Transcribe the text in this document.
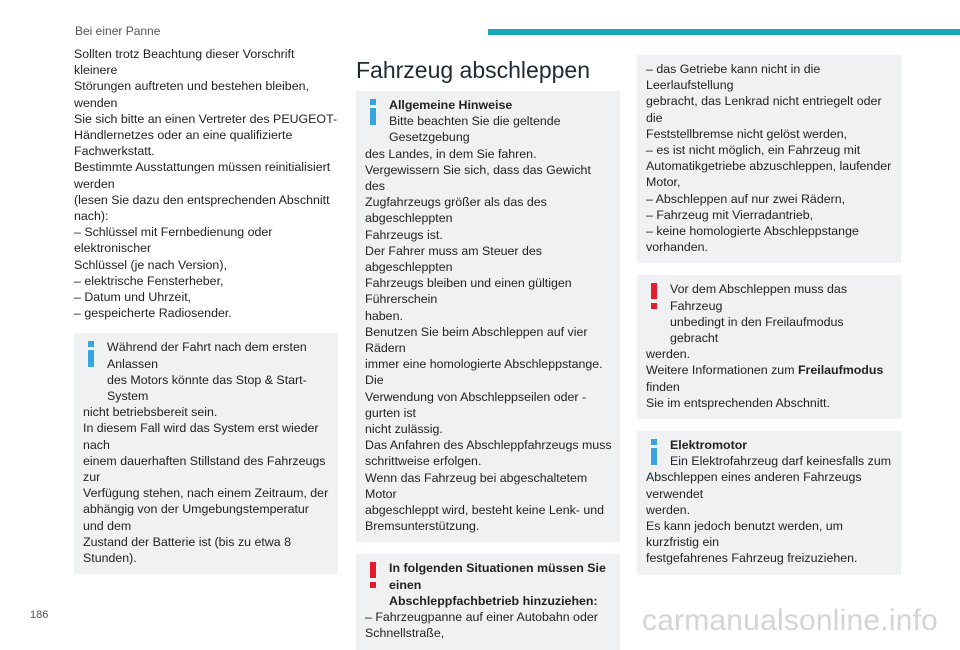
Bei einer Panne

Sollten trotz Beachtung dieser Vorschrift kleinere

Störungen auftreten und bestehen bleiben, wenden

Sie sich bitte an einen Vertreter des PEUGEOT-

Händlernetzes oder an eine qualifizierte Fachwerkstatt.

Bestimmte Ausstattungen müssen reinitialisiert werden

(lesen Sie dazu den entsprechenden Abschnitt nach):

– Schlüssel mit Fernbedienung oder elektronischer

Schlüssel (je nach Version),

– elektrische Fensterheber,

– Datum und Uhrzeit,

– gespeicherte Radiosender.

Während der Fahrt nach dem ersten Anlassen

des Motors könnte das Stop & Start-System

nicht betriebsbereit sein.

In diesem Fall wird das System erst wieder nach

einem dauerhaften Stillstand des Fahrzeugs zur

Verfügung stehen, nach einem Zeitraum, der

abhängig von der Umgebungstemperatur und dem

Zustand der Batterie ist (bis zu etwa 8 Stunden).

Fahrzeug abschleppen

Allgemeine Hinweise

Bitte beachten Sie die geltende Gesetzgebung

des Landes, in dem Sie fahren.

Vergewissern Sie sich, dass das Gewicht des

Zugfahrzeugs größer als das des abgeschleppten

Fahrzeugs ist.

Der Fahrer muss am Steuer des abgeschleppten

Fahrzeugs bleiben und einen gültigen Führerschein

haben.

Benutzen Sie beim Abschleppen auf vier Rädern

immer eine homologierte Abschleppstange. Die

Verwendung von Abschleppseilen oder -gurten ist

nicht zulässig.

Das Anfahren des Abschleppfahrzeugs muss

schrittweise erfolgen.

Wenn das Fahrzeug bei abgeschaltetem Motor

abgeschleppt wird, besteht keine Lenk- und

Bremsunterstützung.

In folgenden Situationen müssen Sie einen

Abschleppfachbetrieb hinzuziehen:

– Fahrzeugpanne auf einer Autobahn oder

Schnellstraße,

– das Getriebe kann nicht in die Leerlaufstellung

gebracht, das Lenkrad nicht entriegelt oder die

Feststellbremse nicht gelöst werden,

– es ist nicht möglich, ein Fahrzeug mit

Automatikgetriebe abzuschleppen, laufender Motor,

– Abschleppen auf nur zwei Rädern,

– Fahrzeug mit Vierradantrieb,

– keine homologierte Abschleppstange vorhanden.

Vor dem Abschleppen muss das Fahrzeug

unbedingt in den Freilaufmodus gebracht

werden.

Weitere Informationen zum Freilaufmodus finden

Sie im entsprechenden Abschnitt.

Elektromotor

Ein Elektrofahrzeug darf keinesfalls zum

Abschleppen eines anderen Fahrzeugs verwendet

werden.

Es kann jedoch benutzt werden, um kurzfristig ein

festgefahrenes Fahrzeug freizuziehen.

186	carmanualsonline.info
